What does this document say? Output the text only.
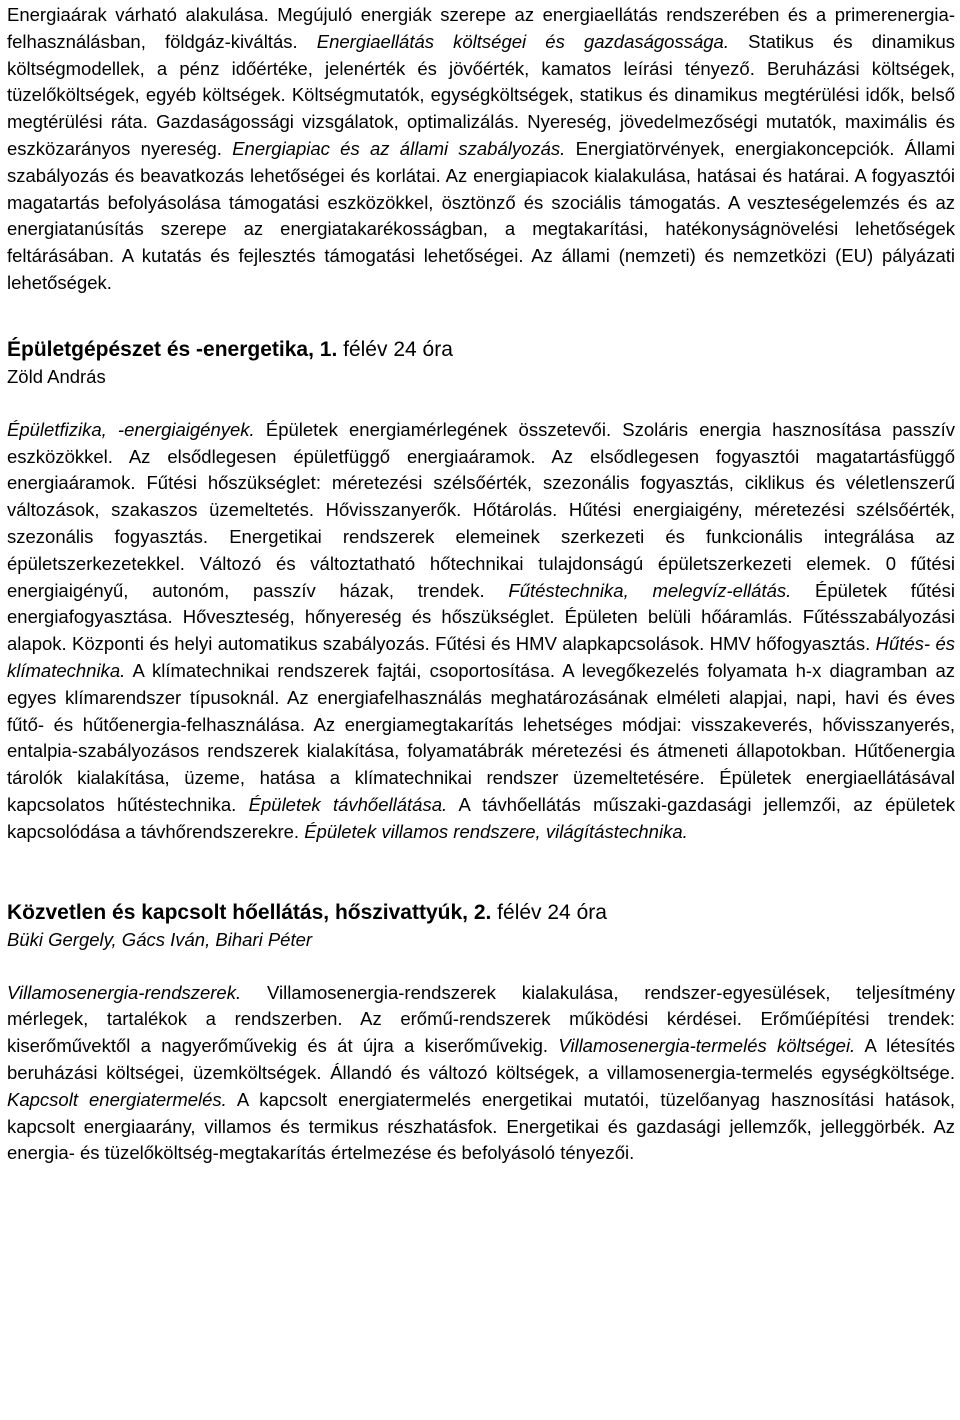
Energiaárak várható alakulása. Megújuló energiák szerepe az energiaellátás rendszerében és a primerenergia-felhasználásban, földgáz-kiváltás. Energiaellátás költségei és gazdaságossága. Statikus és dinamikus költségmodellek, a pénz időértéke, jelenérték és jövőérték, kamatos leírási tényező. Beruházási költségek, tüzelőköltségek, egyéb költségek. Költségmutatók, egységköltségek, statikus és dinamikus megtérülési idők, belső megtérülési ráta. Gazdaságossági vizsgálatok, optimalizálás. Nyereség, jövedelmezőségi mutatók, maximális és eszközarányos nyereség. Energiapiac és az állami szabályozás. Energiatörvények, energiakoncepciók. Állami szabályozás és beavatkozás lehetőségei és korlátai. Az energiapiacok kialakulása, hatásai és határai. A fogyasztói magatartás befolyásolása támogatási eszközökkel, ösztönző és szociális támogatás. A veszteségelemzés és az energiatanúsítás szerepe az energiatakarékosságban, a megtakarítási, hatékonyságnövelési lehetőségek feltárásában. A kutatás és fejlesztés támogatási lehetőségei. Az állami (nemzeti) és nemzetközi (EU) pályázati lehetőségek.

Épületgépészet és -energetika, 1. félév 24 óra

Zöld András

Épületfizika, -energiaigények. Épületek energiamérlegének összetevői. Szoláris energia hasznosítása passzív eszközökkel. Az elsődlegesen épületfüggő energiaáramok. Az elsődlegesen fogyasztói magatartásfüggő energiaáramok. Fűtési hőszükséglet: méretezési szélsőérték, szezonális fogyasztás, ciklikus és véletlenszerű változások, szakaszos üzemeltetés. Hővisszanyerők. Hőtárolás. Hűtési energiaigény, méretezési szélsőérték, szezonális fogyasztás. Energetikai rendszerek elemeinek szerkezeti és funkcionális integrálása az épületszerkezetekkel. Változó és változtatható hőtechnikai tulajdonságú épületszerkezeti elemek. 0 fűtési energiaigényű, autonóm, passzív házak, trendek. Fűtéstechnika, melegvíz-ellátás. Épületek fűtési energiafogyasztása. Hőveszteség, hőnyereség és hőszükséglet. Épületen belüli hőáramlás. Fűtésszabályozási alapok. Központi és helyi automatikus szabályozás. Fűtési és HMV alapkapcsolások. HMV hőfogyasztás. Hűtés- és klímatechnika. A klímatechnikai rendszerek fajtái, csoportosítása. A levegőkezelés folyamata h-x diagramban az egyes klímarendszer típusoknál. Az energiafelhasználás meghatározásának elméleti alapjai, napi, havi és éves fűtő- és hűtőenergia-felhasználása. Az energiamegtakarítás lehetséges módjai: visszakeverés, hővisszanyerés, entalpia-szabályozásos rendszerek kialakítása, folyamatábrák méretezési és átmeneti állapotokban. Hűtőenergia tárolók kialakítása, üzeme, hatása a klímatechnikai rendszer üzemeltetésére. Épületek energiaellátásával kapcsolatos hűtéstechnika. Épületek távhőellátása. A távhőellátás műszaki-gazdasági jellemzői, az épületek kapcsolódása a távhőrendszerekre. Épületek villamos rendszere, világítástechnika.

Közvetlen és kapcsolt hőellátás, hőszivattyúk, 2. félév 24 óra

Büki Gergely, Gács Iván, Bihari Péter

Villamosenergia-rendszerek. Villamosenergia-rendszerek kialakulása, rendszer-egyesülések, teljesítmény mérlegek, tartalékok a rendszerben. Az erőmű-rendszerek működési kérdései. Erőműépítési trendek: kiserőművektől a nagyerőművekig és át újra a kiserőművekig. Villamosenergia-termelés költségei. A létesítés beruházási költségei, üzemköltségek. Állandó és változó költségek, a villamosenergia-termelés egységköltsége. Kapcsolt energiatermelés. A kapcsolt energiatermelés energetikai mutatói, tüzelőanyag hasznosítási hatások, kapcsolt energiaarány, villamos és termikus részhatásfok. Energetikai és gazdasági jellemzők, jelleggörbék. Az energia- és tüzelőköltség-megtakarítás értelmezése és befolyásoló tényezői.
